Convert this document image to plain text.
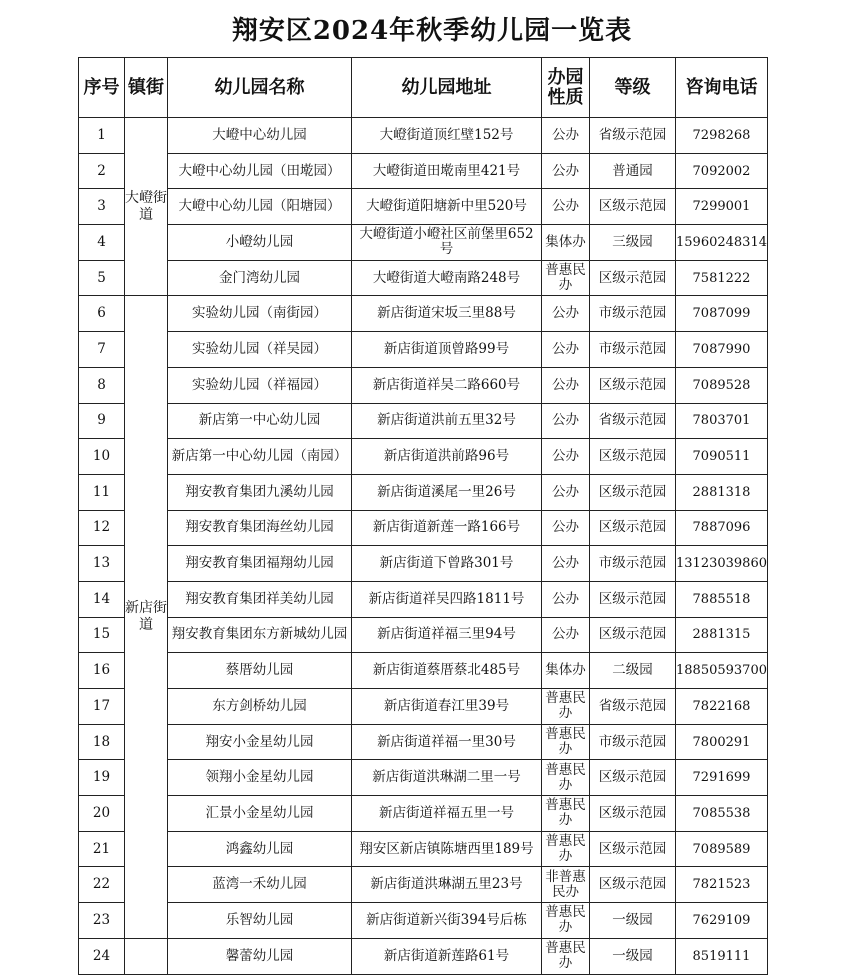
翔安区2024年秋季幼儿园一览表
序号	镇街	幼儿园名称	幼儿园地址	办园性质	等级	咨询电话
1	大嶝街道	大嶝中心幼儿园	大嶝街道顶红壁152号	公办	省级示范园	7298268
2		大嶝中心幼儿园（田墘园）	大嶝街道田墘南里421号	公办	普通园	7092002
3		大嶝中心幼儿园（阳塘园）	大嶝街道阳塘新中里520号	公办	区级示范园	7299001
4		小嶝幼儿园	大嶝街道小嶝社区前堡里652号	集体办	三级园	15960248314
5		金门湾幼儿园	大嶝街道大嶝南路248号	普惠民办	区级示范园	7581222
6	新店街道	实验幼儿园（南街园）	新店街道宋坂三里88号	公办	市级示范园	7087099
7		实验幼儿园（祥吴园）	新店街道顶曾路99号	公办	市级示范园	7087990
8		实验幼儿园（祥福园）	新店街道祥吴二路660号	公办	区级示范园	7089528
9		新店第一中心幼儿园	新店街道洪前五里32号	公办	省级示范园	7803701
10		新店第一中心幼儿园（南园）	新店街道洪前路96号	公办	区级示范园	7090511
11		翔安教育集团九溪幼儿园	新店街道溪尾一里26号	公办	区级示范园	2881318
12		翔安教育集团海丝幼儿园	新店街道新莲一路166号	公办	区级示范园	7887096
13		翔安教育集团福翔幼儿园	新店街道下曾路301号	公办	市级示范园	13123039860
14		翔安教育集团祥美幼儿园	新店街道祥吴四路1811号	公办	区级示范园	7885518
15		翔安教育集团东方新城幼儿园	新店街道祥福三里94号	公办	区级示范园	2881315
16		蔡厝幼儿园	新店街道蔡厝蔡北485号	集体办	二级园	18850593700
17		东方剑桥幼儿园	新店街道春江里39号	普惠民办	省级示范园	7822168
18		翔安小金星幼儿园	新店街道祥福一里30号	普惠民办	市级示范园	7800291
19		领翔小金星幼儿园	新店街道洪琳湖二里一号	普惠民办	区级示范园	7291699
20		汇景小金星幼儿园	新店街道祥福五里一号	普惠民办	区级示范园	7085538
21		鸿鑫幼儿园	翔安区新店镇陈塘西里189号	普惠民办	区级示范园	7089589
22		蓝湾一禾幼儿园	新店街道洪琳湖五里23号	非普惠民办	区级示范园	7821523
23		乐智幼儿园	新店街道新兴街394号后栋	普惠民办	一级园	7629109
24		馨蕾幼儿园	新店街道新莲路61号	普惠民办	一级园	8519111
